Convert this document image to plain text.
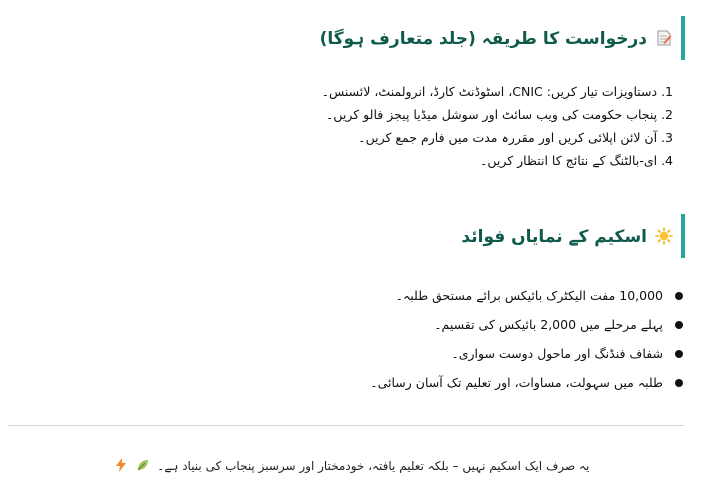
درخواست کا طریقہ (جلد متعارف ہوگا)
1. دستاویزات تیار کریں: CNIC، اسٹوڈنٹ کارڈ، انرولمنٹ، لائسنس۔
2. پنجاب حکومت کی ویب سائٹ اور سوشل میڈیا پیجز فالو کریں۔
3. آن لائن اپلائی کریں اور مقررہ مدت میں فارم جمع کریں۔
4. ای-بالٹنگ کے نتائج کا انتظار کریں۔
اسکیم کے نمایاں فوائد
10,000 مفت الیکٹرک بائیکس برائے مستحق طلبہ۔
پہلے مرحلے میں 2,000 بائیکس کی تقسیم۔
شفاف فنڈنگ اور ماحول دوست سواری۔
طلبہ میں سہولت، مساوات، اور تعلیم تک آسان رسائی۔
یہ صرف ایک اسکیم نہیں – بلکہ تعلیم یافتہ، خودمختار اور سرسبز پنجاب کی بنیاد ہے۔
